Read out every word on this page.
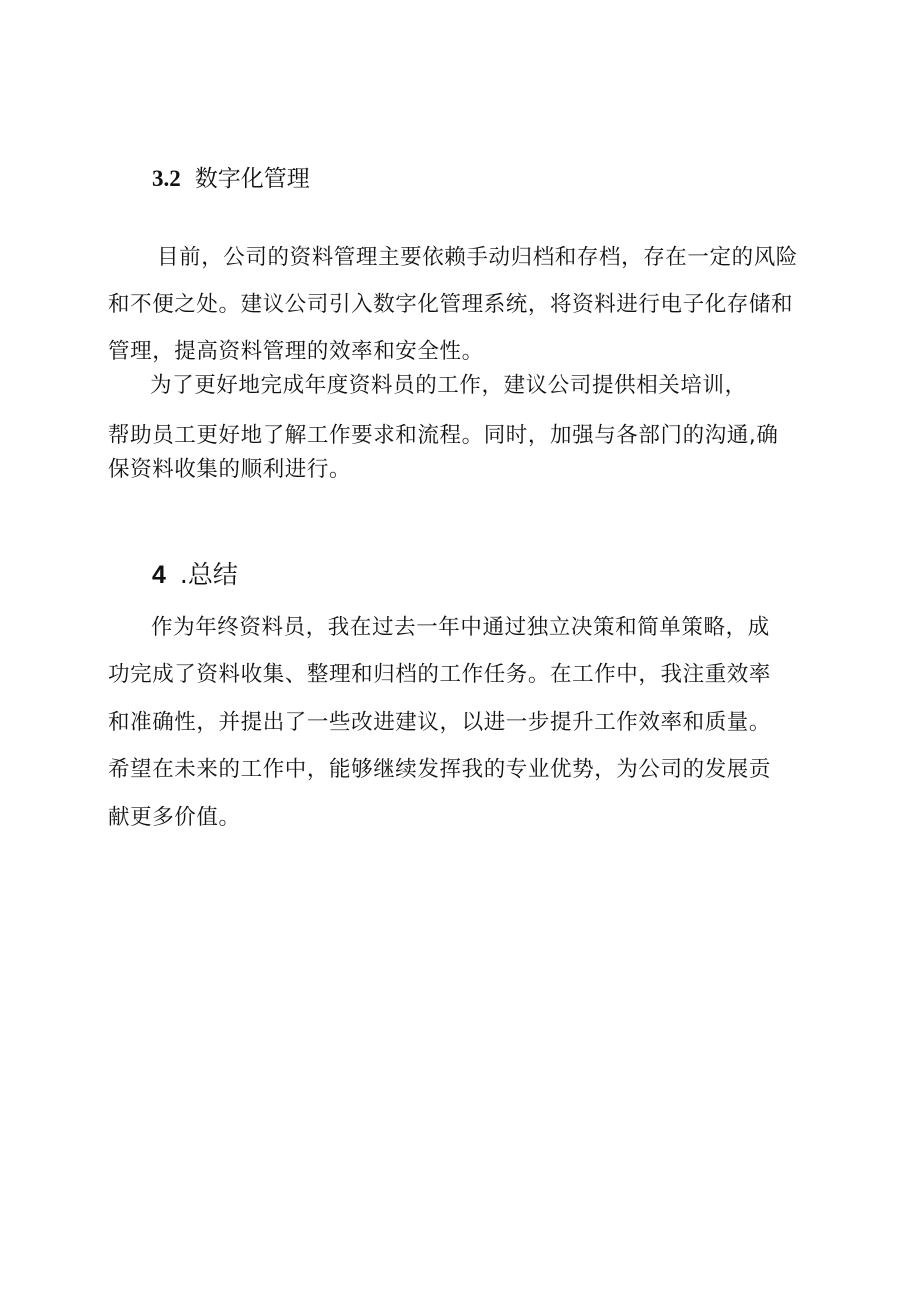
3.2 数字化管理
目前，公司的资料管理主要依赖手动归档和存档，存在一定的风险
和不便之处。建议公司引入数字化管理系统，将资料进行电子化存储和
管理，提高资料管理的效率和安全性。
为了更好地完成年度资料员的工作，建议公司提供相关培训，
帮助员工更好地了解工作要求和流程。同时，加强与各部门的沟通,确
保资料收集的顺利进行。
4 .总结
作为年终资料员，我在过去一年中通过独立决策和简单策略，成
功完成了资料收集、整理和归档的工作任务。在工作中，我注重效率
和准确性，并提出了一些改进建议，以进一步提升工作效率和质量。
希望在未来的工作中，能够继续发挥我的专业优势，为公司的发展贡
献更多价值。
